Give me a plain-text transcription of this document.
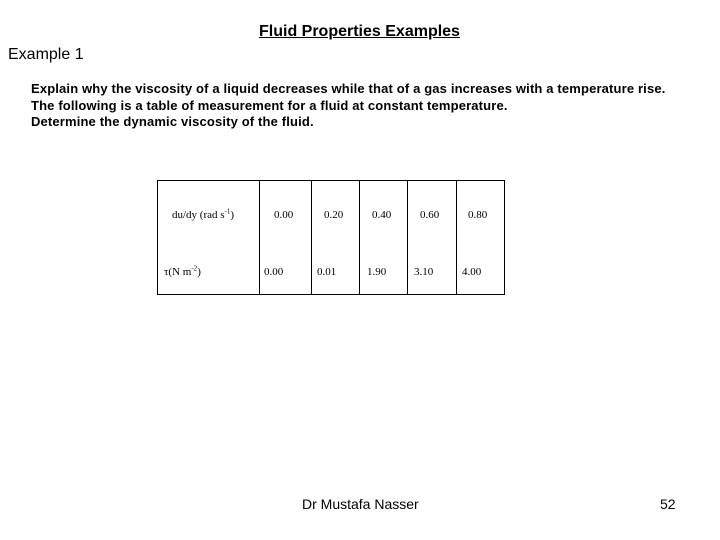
Fluid Properties Examples
Example 1
Explain why the viscosity of a liquid decreases while that of a gas increases with a temperature rise.
The following is a table of measurement for a fluid at constant temperature.
Determine the dynamic viscosity of the fluid.
du/dy (rad $s^{-1}$)	0.00	0.20	0.40	0.60	0.80
τ(N $m^{-2}$)	0.00	0.01	1.90	3.10	4.00
Dr Mustafa Nasser	52
